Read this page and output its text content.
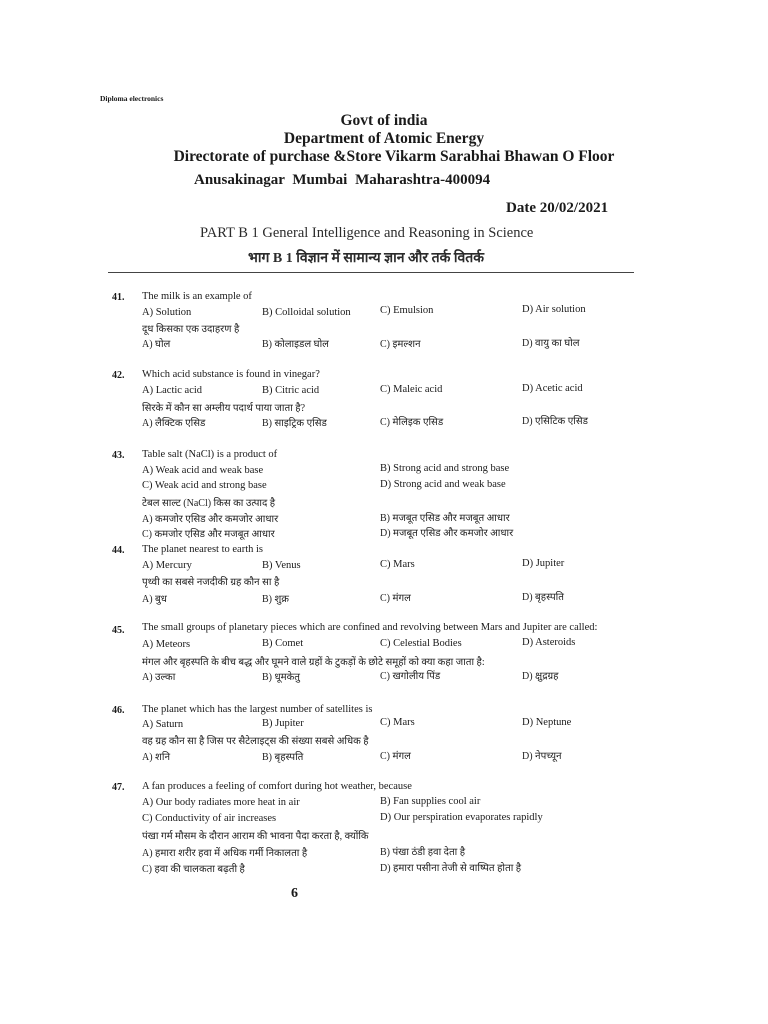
Diploma electronics
Govt of india
Department of Atomic Energy
Directorate of purchase &Store Vikarm Sarabhai Bhawan O Floor
Anusakinagar Mumbai Maharashtra-400094
Date 20/02/2021
PART B 1 General Intelligence and Reasoning in Science
भाग B 1 विज्ञान में सामान्य ज्ञान और तर्क वितर्क
41. The milk is an example of
A) Solution	B) Colloidal solution	C) Emulsion	D) Air solution
दूध किसका एक उदाहरण है
A) घोल	B) कोलाइडल घोल	C) इमल्शन	D) वायु का घोल
42. Which acid substance is found in vinegar?
A) Lactic acid	B) Citric acid	C) Maleic acid	D) Acetic acid
सिरके में कौन सा अम्लीय पदार्थ पाया जाता है?
A) लैक्टिक एसिड	B) साइट्रिक एसिड	C) मेलिइक एसिड	D) एसिटिक एसिड
43. Table salt (NaCl) is a product of
A) Weak acid and weak base	B) Strong acid and strong base
C) Weak acid and strong base	D) Strong acid and weak base
टेबल साल्ट (NaCl) किस का उत्पाद है
A) कमजोर एसिड और कमजोर आधार	B) मजबूत एसिड और मजबूत आधार
C) कमजोर एसिड और मजबूत आधार	D) मजबूत एसिड और कमजोर आधार
44. The planet nearest to earth is
A) Mercury	B) Venus	C) Mars	D) Jupiter
पृथ्वी का सबसे नजदीकी ग्रह कौन सा है
A) बुध	B) शुक्र	C) मंगल	D) बृहस्पति
45. The small groups of planetary pieces which are confined and revolving between Mars and Jupiter are called:
A) Meteors	B) Comet	C) Celestial Bodies	D) Asteroids
मंगल और बृहस्पति के बीच बद्ध और घूमने वाले ग्रहों के टुकड़ों के छोटे समूहों को क्या कहा जाता है:
A) उल्का	B) धूमकेतु	C) खगोलीय पिंड	D) क्षुद्रग्रह
46. The planet which has the largest number of satellites is
A) Saturn	B) Jupiter	C) Mars	D) Neptune
वह ग्रह कौन सा है जिस पर सैटेलाइट्स की संख्या सबसे अधिक है
A) शनि	B) बृहस्पति	C) मंगल	D) नेपच्यून
47. A fan produces a feeling of comfort during hot weather, because
A) Our body radiates more heat in air	B) Fan supplies cool air
C) Conductivity of air increases	D) Our perspiration evaporates rapidly
पंखा गर्म मौसम के दौरान आराम की भावना पैदा करता है, क्योंकि
A) हमारा शरीर हवा में अधिक गर्मी निकालता है	B) पंखा ठंडी हवा देता है
C) हवा की चालकता बढ़ती है	D) हमारा पसीना तेजी से वाष्पित होता है
6
